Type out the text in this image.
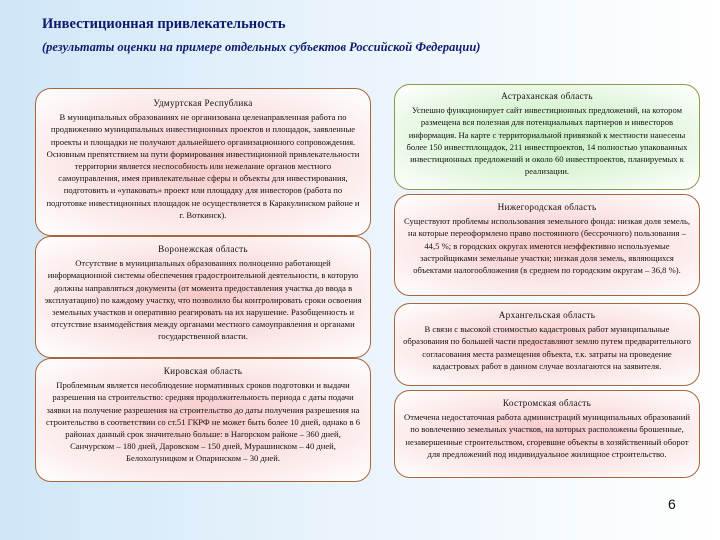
Инвестиционная привлекательность
(результаты оценки на примере отдельных субъектов Российской Федерации)
Удмуртская Республика

В муниципальных образованиях не организована целенаправленная работа по продвижению муниципальных инвестиционных проектов и площадок, заявленные проекты и площадки не получают дальнейшего организационного сопровождения. Основным препятствием на пути формирования инвестиционной привлекательности территории является неспособность или нежелание органов местного самоуправления, имея привлекательные сферы и объекты для инвестирования, подготовить и «упаковать» проект или площадку для инвесторов (работа по подготовке инвестиционных площадок не осуществляется в Каракулинском районе и г. Воткинск).

Воронежская область

Отсутствие в муниципальных образованиях полноценно работающей информационной системы обеспечения градостроительной деятельности, в которую должны направляться документы (от момента предоставления участка до ввода в эксплуатацию) по каждому участку, что позволило бы контролировать сроки освоения земельных участков и оперативно реагировать на их нарушение. Разобщенность и отсутствие взаимодействия между органами местного самоуправления и органами государственной власти.

Кировская область

Проблемным является несоблюдение нормативных сроков подготовки и выдачи разрешения на строительство: средняя продолжительность периода с даты подачи заявки на получение разрешения на строительство до даты получения разрешения на строительство в соответствии со ст.51 ГКРФ не может быть более 10 дней, однако в 6 районах данный срок значительно больше: в Нагорском районе – 360 дней, Санчурском – 180 дней, Даровском – 150 дней, Мурашинском – 40 дней, Белохолуницком и Опаринском – 30 дней.

Астраханская область

Успешно функционирует сайт инвестиционных предложений, на котором размещена вся полезная для потенциальных партнеров и инвесторов информация. На карте с территориальной привязкой к местности нанесены более 150 инвестплощадок, 211 инвестпроектов, 14 полностью упакованных инвестиционных предложений и около 60 инвестпроектов, планируемых к реализации.

Нижегородская область

Существуют проблемы использования земельного фонда: низкая доля земель, на которые переоформлено право постоянного (бессрочного) пользования – 44,5 %; в городских округах имеются неэффективно используемые застройщиками земельные участки; низкая доля земель, являющихся объектами налогообложения (в среднем по городским округам – 36,8 %).

Архангельская область

В связи с высокой стоимостью кадастровых работ муниципальные образования по большей части предоставляют землю путем предварительного согласования места размещения объекта, т.к. затраты на проведение кадастровых работ в данном случае возлагаются на заявителя.

Костромская область

Отмечена недостаточная работа администраций муниципальных образований по вовлечению земельных участков, на которых расположены брошенные, незавершенные строительством, сгоревшие объекты в хозяйственный оборот для предложений под индивидуальное жилищное строительство.

6
